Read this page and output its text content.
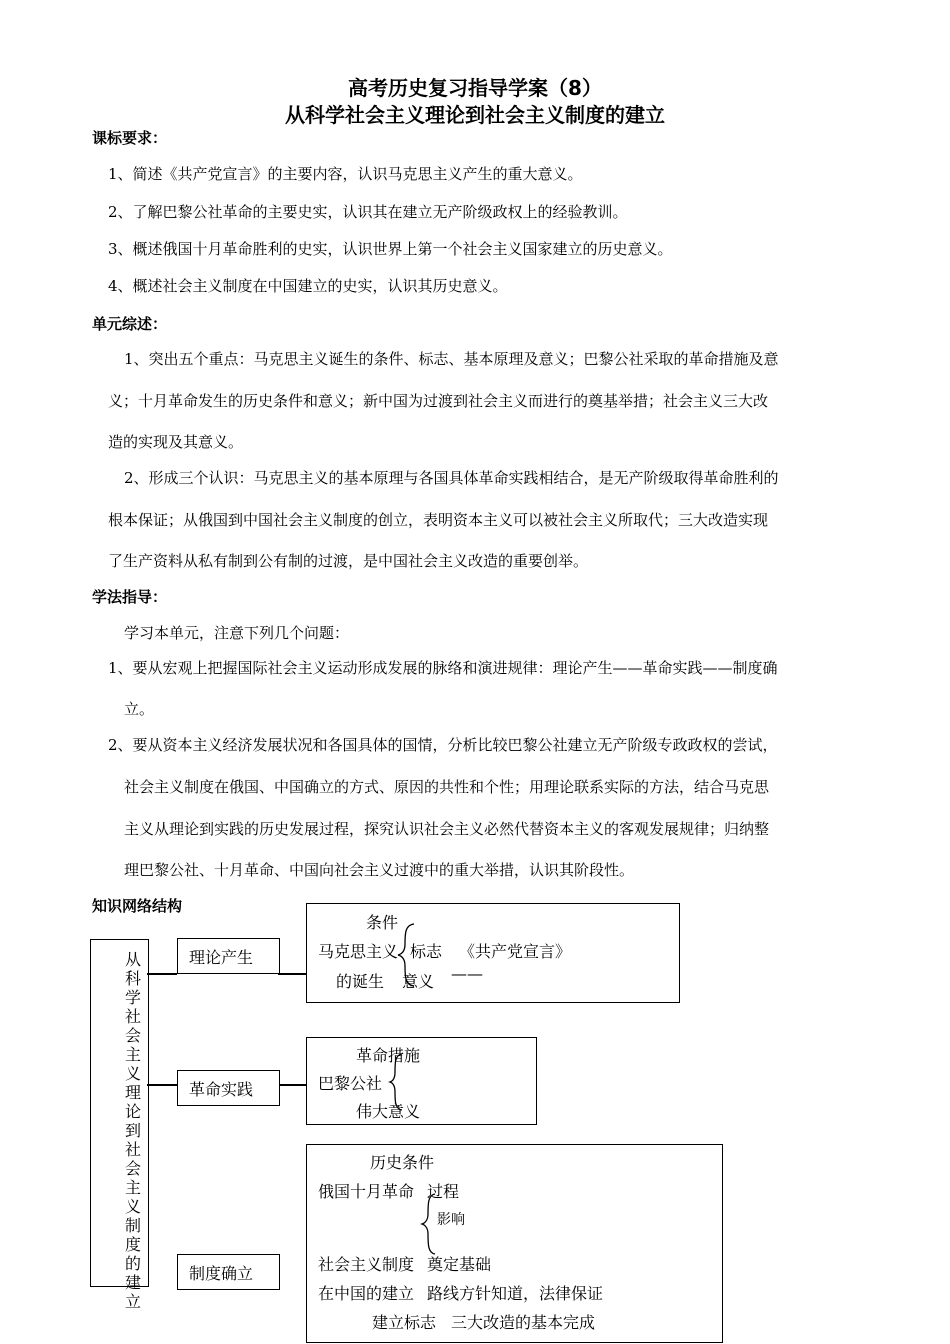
高考历史复习指导学案（8）
从科学社会主义理论到社会主义制度的建立
课标要求：
1、简述《共产党宣言》的主要内容，认识马克思主义产生的重大意义。
2、了解巴黎公社革命的主要史实，认识其在建立无产阶级政权上的经验教训。
3、概述俄国十月革命胜利的史实，认识世界上第一个社会主义国家建立的历史意义。
4、概述社会主义制度在中国建立的史实，认识其历史意义。
单元综述：
1、突出五个重点：马克思主义诞生的条件、标志、基本原理及意义；巴黎公社采取的革命措施及意
义；十月革命发生的历史条件和意义；新中国为过渡到社会主义而进行的奠基举措；社会主义三大改
造的实现及其意义。
2、形成三个认识：马克思主义的基本原理与各国具体革命实践相结合，是无产阶级取得革命胜利的
根本保证；从俄国到中国社会主义制度的创立，表明资本主义可以被社会主义所取代；三大改造实现
了生产资料从私有制到公有制的过渡，是中国社会主义改造的重要创举。
学法指导：
学习本单元，注意下列几个问题：
1、要从宏观上把握国际社会主义运动形成发展的脉络和演进规律：理论产生——革命实践——制度确
立。
2、要从资本主义经济发展状况和各国具体的国情，分析比较巴黎公社建立无产阶级专政政权的尝试，
社会主义制度在俄国、中国确立的方式、原因的共性和个性；用理论联系实际的方法，结合马克思
主义从理论到实践的历史发展过程，探究认识社会主义必然代替资本主义的客观发展规律；归纳整
理巴黎公社、十月革命、中国向社会主义过渡中的重大举措，认识其阶段性。
知识网络结构
从科学社会主义理论到社会主义制度的建立
理论产生
革命实践
制度确立
条件
马克思主义 标志 《共产党宣言》
的诞生 意义 ——
革命措施
巴黎公社
伟大意义
历史条件
俄国十月革命 过程
影响
社会主义制度 奠定基础
在中国的建立 路线方针知道，法律保证
建立标志 三大改造的基本完成
